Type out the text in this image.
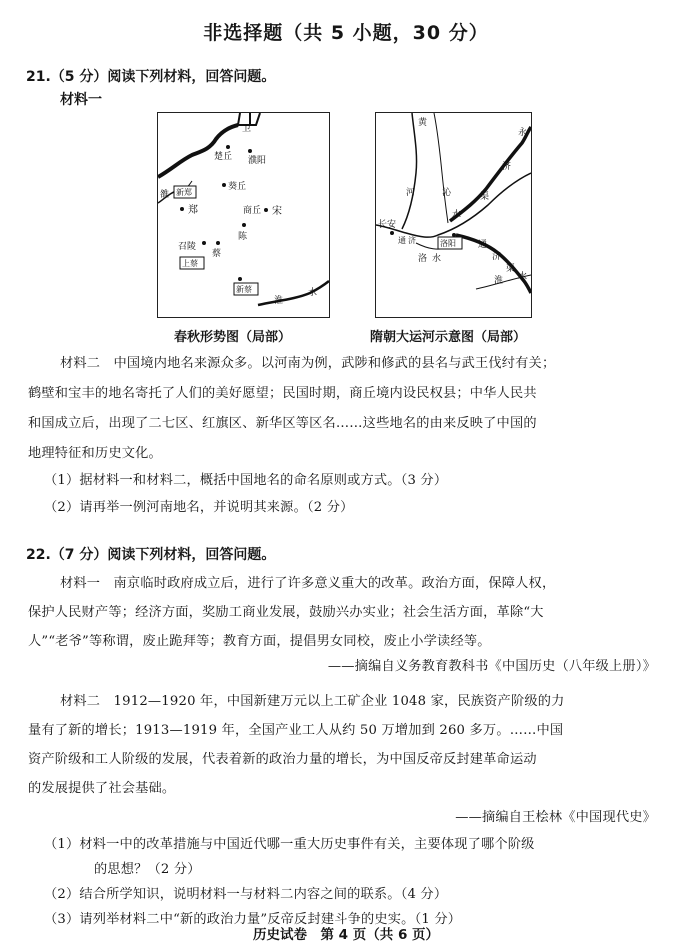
非选择题（共 5 小题，30 分）
21.（5 分）阅读下列材料，回答问题。
材料一
卫
楚丘 濮阳
雒 新郑
郑
葵丘
商丘 宋
陈
召陵
蔡
上蔡
新蔡
淮
水
春秋形势图（局部）
黄
河	沁
水
长安
通 济	洛阳
洛 水
永
济
渠
通
济
渠
淮 水
隋朝大运河示意图（局部）
材料二　中国境内地名来源众多。以河南为例，武陟和修武的县名与武王伐纣有关；
鹤壁和宝丰的地名寄托了人们的美好愿望；民国时期，商丘境内设民权县；中华人民共
和国成立后，出现了二七区、红旗区、新华区等区名……这些地名的由来反映了中国的
地理特征和历史文化。
（1）据材料一和材料二，概括中国地名的命名原则或方式。（3 分）
（2）请再举一例河南地名，并说明其来源。（2 分）
22.（7 分）阅读下列材料，回答问题。
材料一　南京临时政府成立后，进行了许多意义重大的改革。政治方面，保障人权，
保护人民财产等；经济方面，奖励工商业发展，鼓励兴办实业；社会生活方面，革除“大
人”“老爷”等称谓，废止跪拜等；教育方面，提倡男女同校，废止小学读经等。
——摘编自义务教育教科书《中国历史（八年级上册）》
材料二　1912—1920 年，中国新建万元以上工矿企业 1048 家，民族资产阶级的力
量有了新的增长；1913—1919 年，全国产业工人从约 50 万增加到 260 多万。……中国
资产阶级和工人阶级的发展，代表着新的政治力量的增长，为中国反帝反封建革命运动
的发展提供了社会基础。
——摘编自王桧林《中国现代史》
（1）材料一中的改革措施与中国近代哪一重大历史事件有关，主要体现了哪个阶级
的思想？（2 分）
（2）结合所学知识，说明材料一与材料二内容之间的联系。（4 分）
（3）请列举材料二中“新的政治力量”反帝反封建斗争的史实。（1 分）
历史试卷　第 4 页（共 6 页）
